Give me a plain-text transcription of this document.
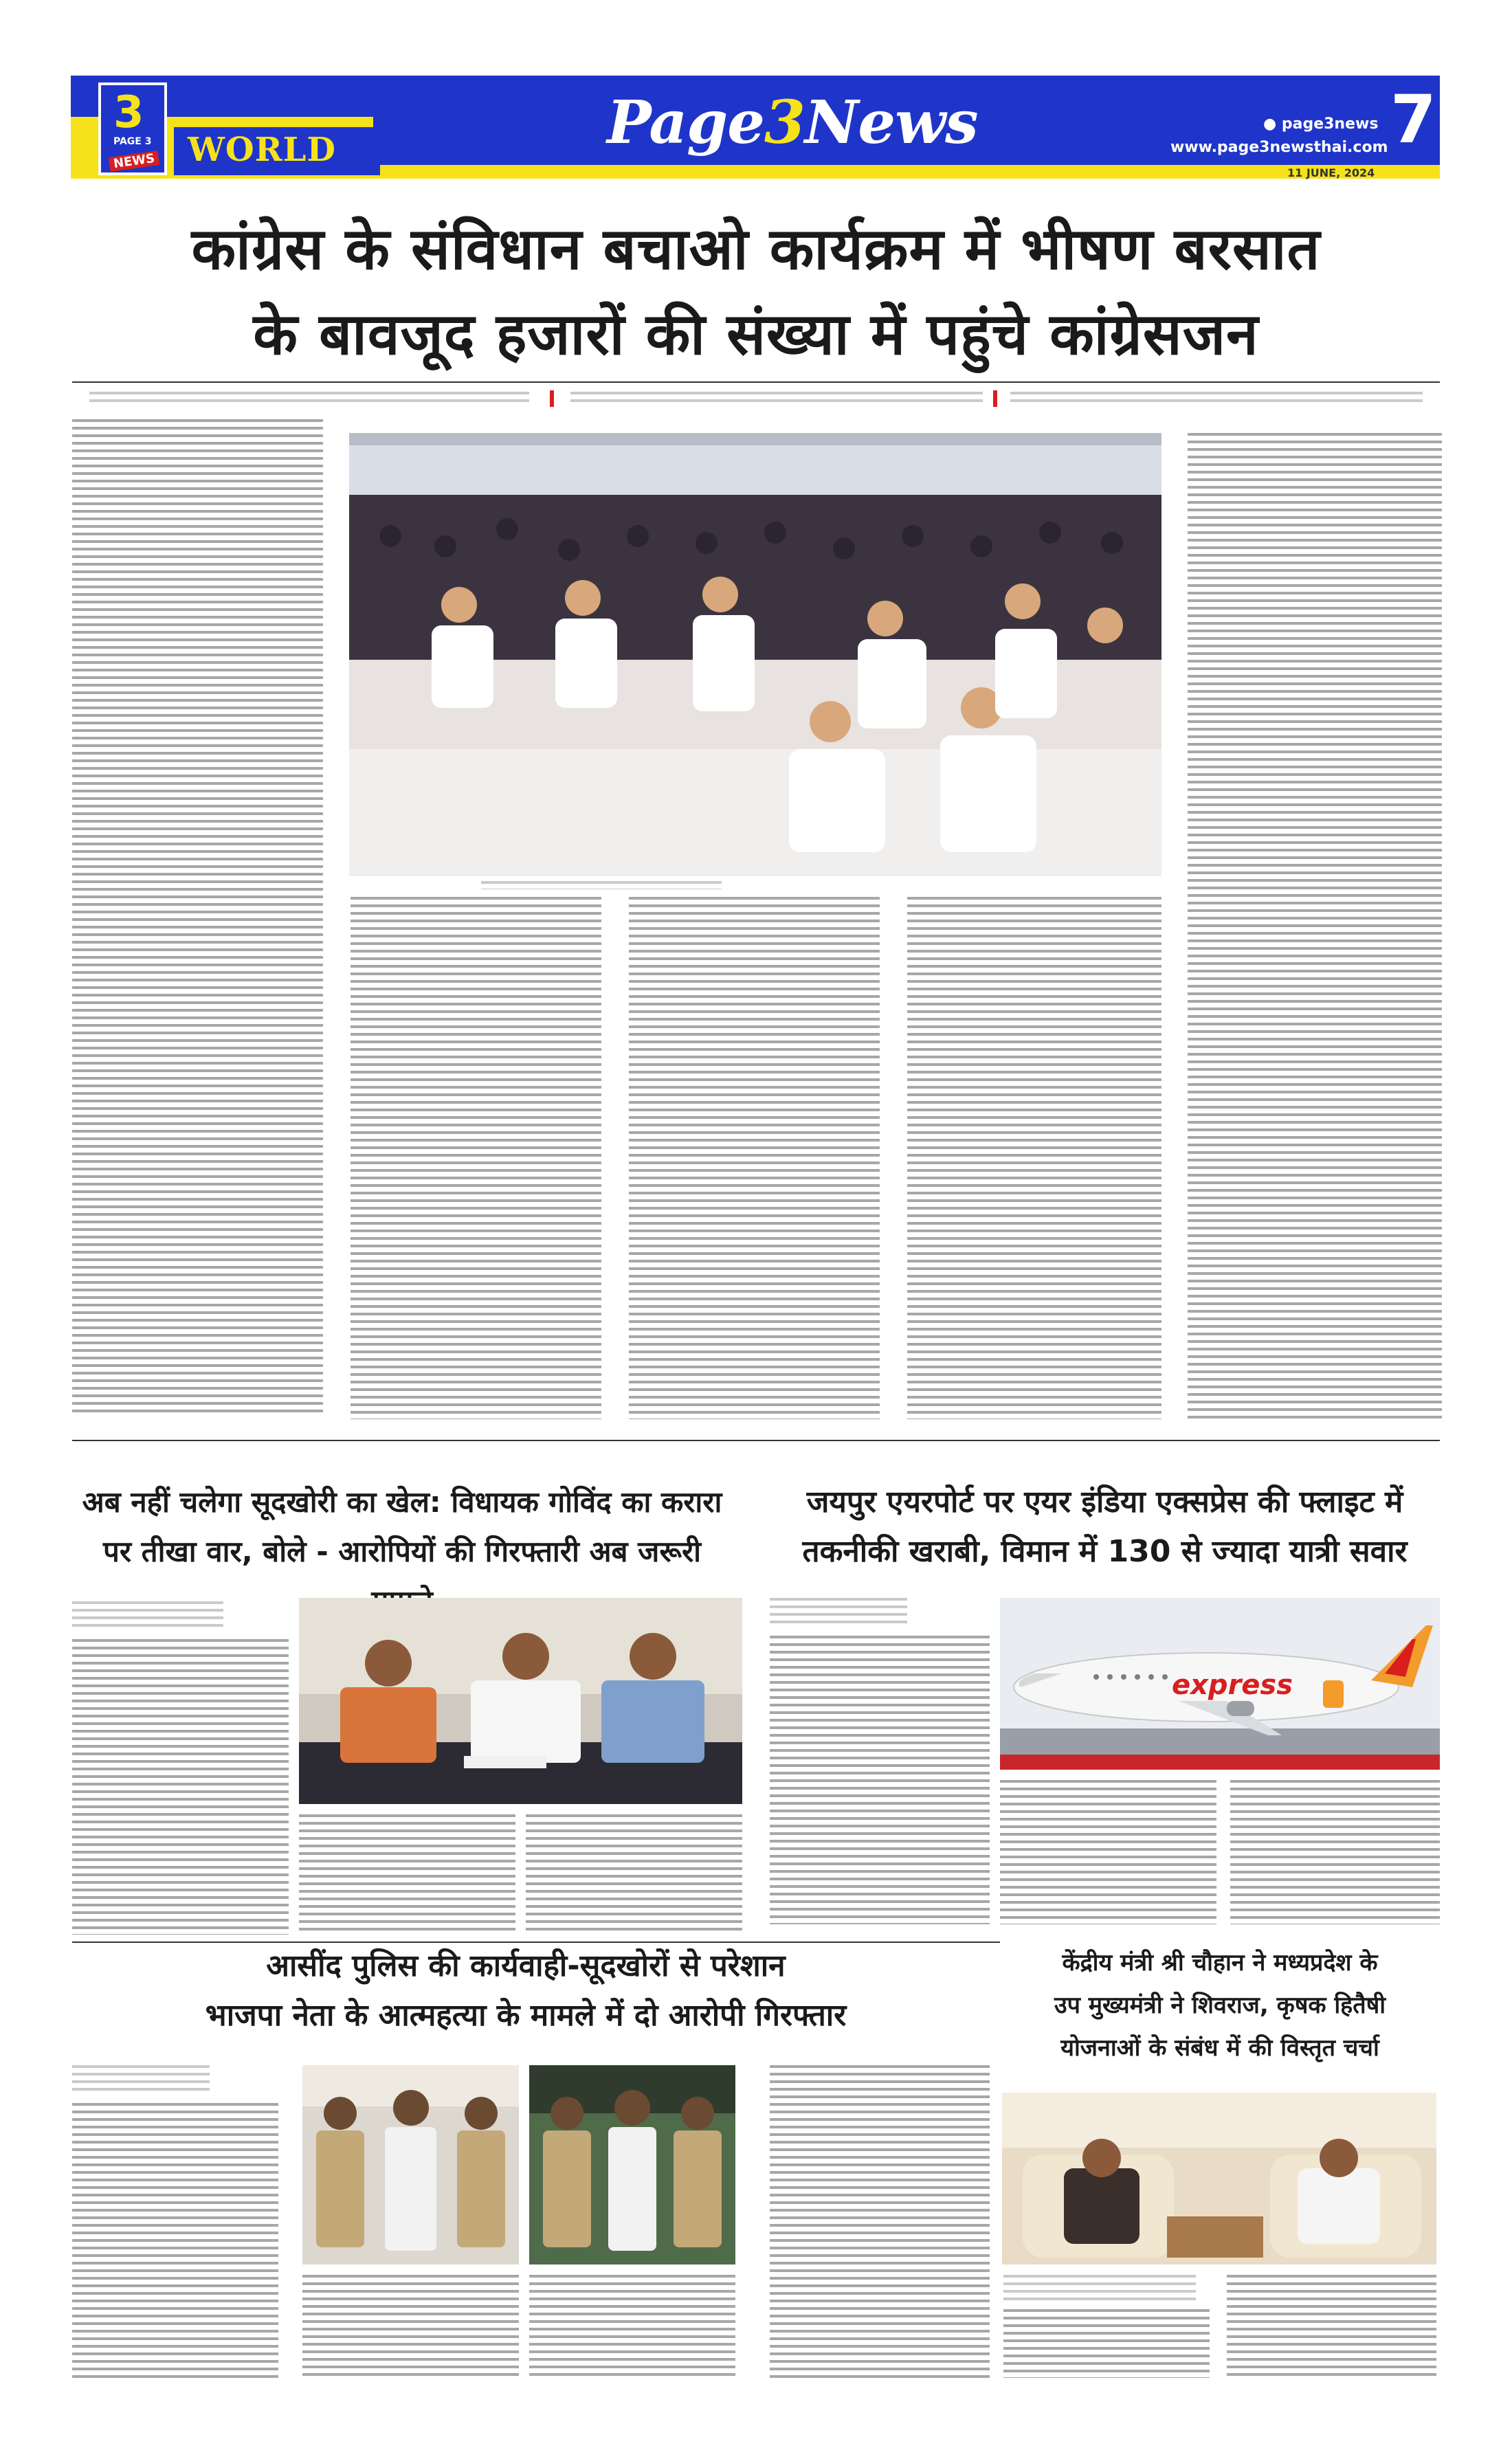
3
PAGE 3
NEWS WORLD	Page3News	● page3news
www.page3newsthai.com 7
11 JUNE, 2024
कांग्रेस के संविधान बचाओ कार्यक्रम में भीषण बरसात
के बावजूद हजारों की संख्या में पहुंचे कांग्रेसजन
अब नहीं चलेगा सूदखोरी का खेल: विधायक गोविंद का करारा
पर तीखा वार, बोले - आरोपियों की गिरफ्तारी अब जरूरी
जयपुर एयरपोर्ट पर एयर इंडिया एक्सप्रेस की फ्लाइट में
तकनीकी खराबी, विमान में 130 से ज्यादा यात्री सवार
express
आसींद पुलिस की कार्यवाही-सूदखोरों से परेशान
भाजपा नेता के आत्महत्या के मामले में दो आरोपी गिरफ्तार
केंद्रीय मंत्री श्री चौहान ने मध्यप्रदेश के
उप मुख्यमंत्री ने शिवराज, कृषक हितैषी
योजनाओं के संबंध में की विस्तृत चर्चा
